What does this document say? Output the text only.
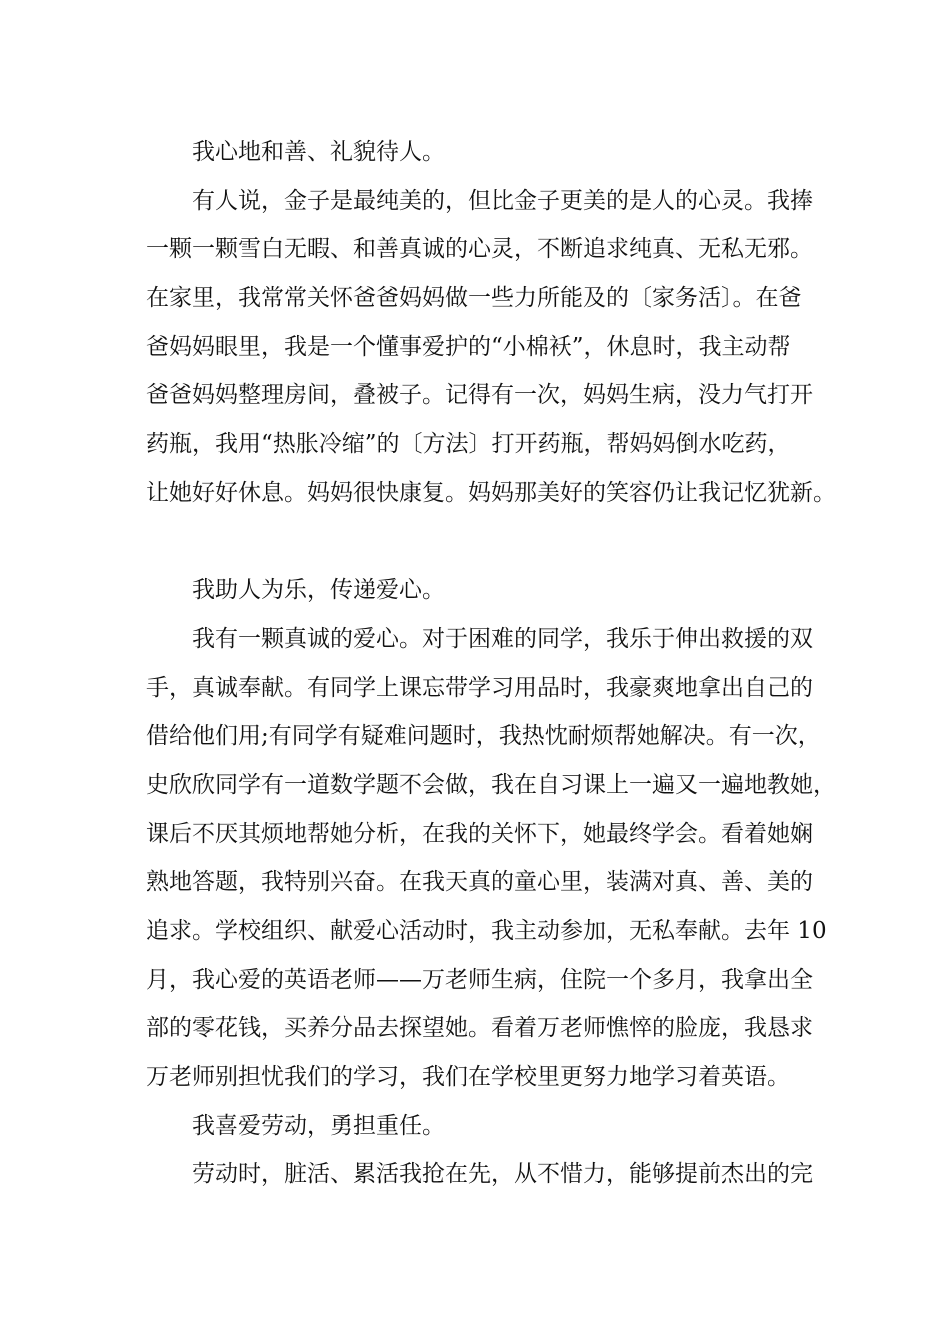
我心地和善、礼貌待人。
有人说，金子是最纯美的，但比金子更美的是人的心灵。我捧
一颗一颗雪白无暇、和善真诚的心灵，不断追求纯真、无私无邪。
在家里，我常常关怀爸爸妈妈做一些力所能及的〔家务活〕。在爸
爸妈妈眼里，我是一个懂事爱护的“小棉袄”，休息时，我主动帮
爸爸妈妈整理房间，叠被子。记得有一次，妈妈生病，没力气打开
药瓶，我用“热胀冷缩”的〔方法〕打开药瓶，帮妈妈倒水吃药，
让她好好休息。妈妈很快康复。妈妈那美好的笑容仍让我记忆犹新。
我助人为乐，传递爱心。
我有一颗真诚的爱心。对于困难的同学，我乐于伸出救援的双
手，真诚奉献。有同学上课忘带学习用品时，我豪爽地拿出自己的
借给他们用;有同学有疑难问题时，我热忱耐烦帮她解决。有一次，
史欣欣同学有一道数学题不会做，我在自习课上一遍又一遍地教她，
课后不厌其烦地帮她分析，在我的关怀下，她最终学会。看着她娴
熟地答题，我特别兴奋。在我天真的童心里，装满对真、善、美的
追求。学校组织、献爱心活动时，我主动参加，无私奉献。去年 10
月，我心爱的英语老师——万老师生病，住院一个多月，我拿出全
部的零花钱，买养分品去探望她。看着万老师憔悴的脸庞，我恳求
万老师别担忧我们的学习，我们在学校里更努力地学习着英语。
我喜爱劳动，勇担重任。
劳动时，脏活、累活我抢在先，从不惜力，能够提前杰出的完
